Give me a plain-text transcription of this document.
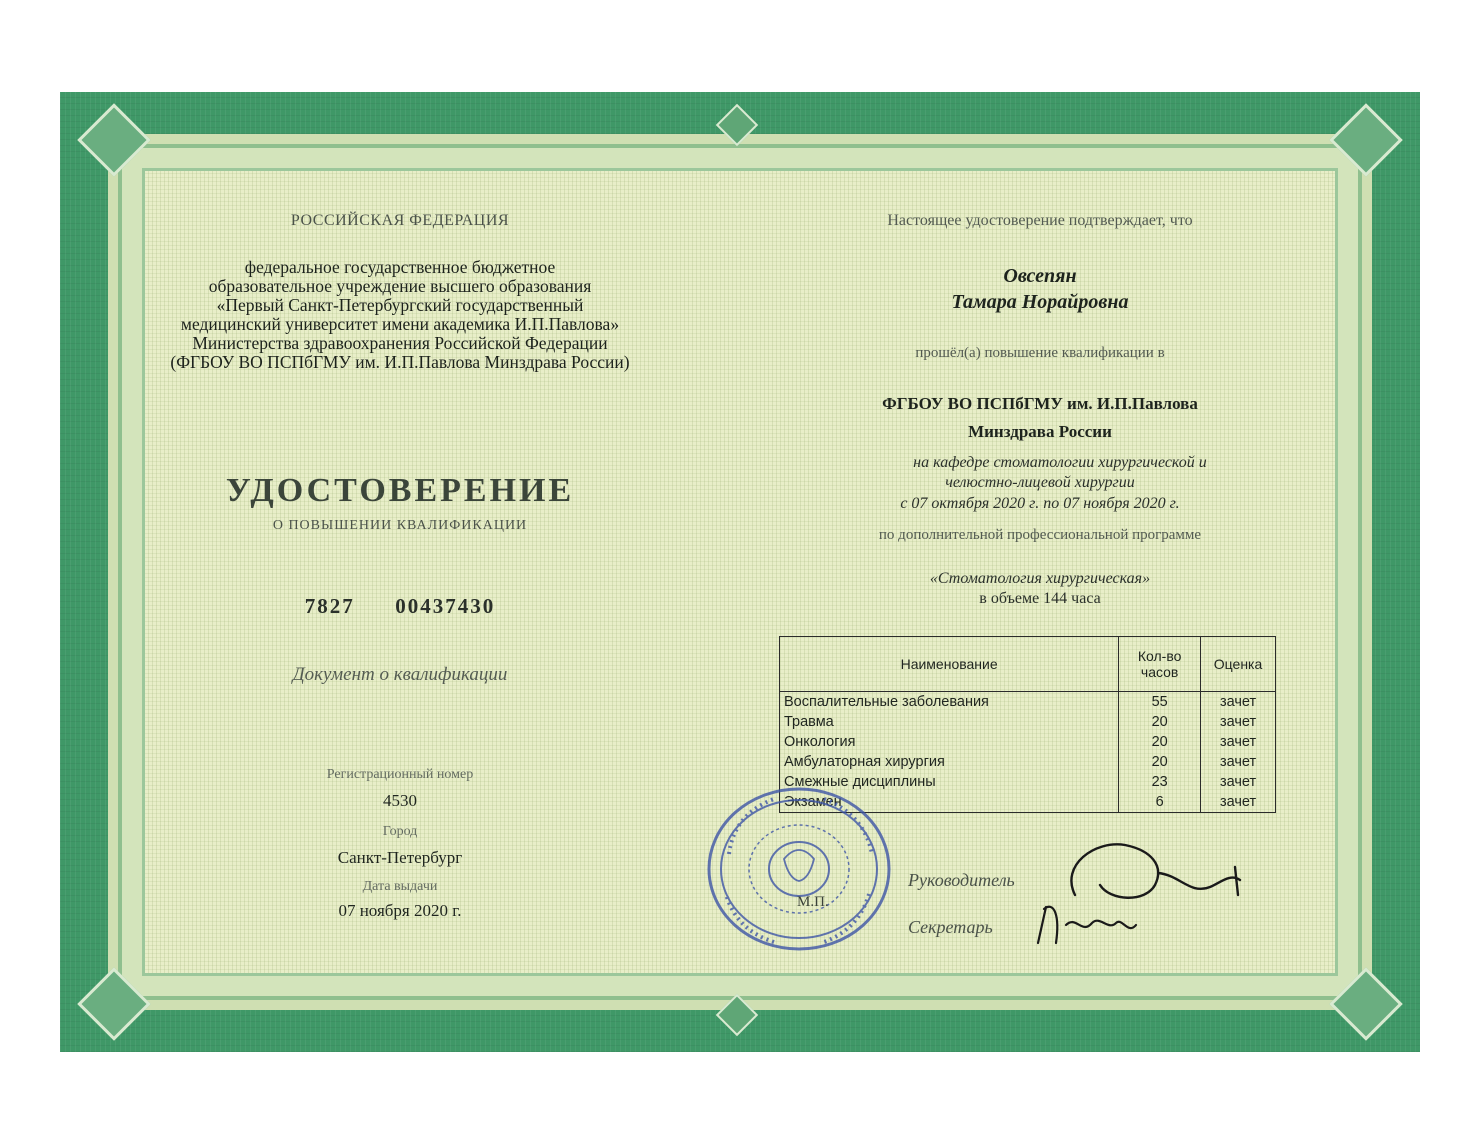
РОССИЙСКАЯ ФЕДЕРАЦИЯ
федеральное государственное бюджетное
образовательное учреждение высшего образования
«Первый Санкт-Петербургский государственный
медицинский университет имени академика И.П.Павлова»
Министерства здравоохранения Российской Федерации
(ФГБОУ ВО ПСПбГМУ им. И.П.Павлова Минздрава России)
УДОСТОВЕРЕНИЕ
О ПОВЫШЕНИИ КВАЛИФИКАЦИИ
7827 00437430
Документ о квалификации
Регистрационный номер
4530
Город
Санкт-Петербург
Дата выдачи
07 ноября 2020 г.
Настоящее удостоверение подтверждает, что
Овсепян
Тамара Норайровна
прошёл(а) повышение квалификации в
ФГБОУ ВО ПСПбГМУ им. И.П.Павлова
Минздрава России
на кафедре стоматологии хирургической и
челюстно-лицевой хирургии
с 07 октября 2020 г. по 07 ноября 2020 г.
по дополнительной профессиональной программе
«Стоматология хирургическая»
в объеме 144 часа
Наименование	Кол-во часов	Оценка
Воспалительные заболевания	55	зачет
Травма	20	зачет
Онкология	20	зачет
Амбулаторная хирургия	20	зачет
Смежные дисциплины	23	зачет
Экзамен	6	зачет
М.П.
Руководитель
Секретарь
